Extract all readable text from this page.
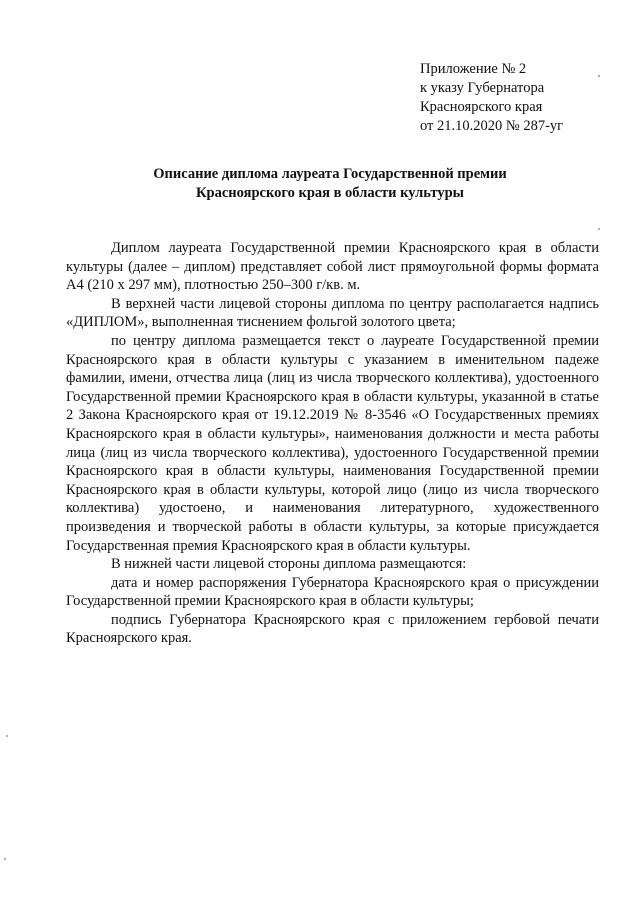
Приложение № 2
к указу Губернатора
Красноярского края
от 21.10.2020 № 287-уг
Описание диплома лауреата Государственной премии
Красноярского края в области культуры

Диплом лауреата Государственной премии Красноярского края в области культуры (далее – диплом) представляет собой лист прямоугольной формы формата А4 (210 х 297 мм), плотностью 250–300 г/кв. м.

В верхней части лицевой стороны диплома по центру располагается надпись «ДИПЛОМ», выполненная тиснением фольгой золотого цвета;

по центру диплома размещается текст о лауреате Государственной премии Красноярского края в области культуры с указанием в именительном падеже фамилии, имени, отчества лица (лиц из числа творческого коллектива), удостоенного Государственной премии Красноярского края в области культуры, указанной в статье 2 Закона Красноярского края от 19.12.2019 № 8-3546 «О Государственных премиях Красноярского края в области культуры», наименования должности и места работы лица (лиц из числа творческого коллектива), удостоенного Государственной премии Красноярского края в области культуры, наименования Государственной премии Красноярского края в области культуры, которой лицо (лицо из числа творческого коллектива) удостоено, и наименования литературного, художественного произведения и творческой работы в области культуры, за которые присуждается Государственная премия Красноярского края в области культуры.

В нижней части лицевой стороны диплома размещаются:

дата и номер распоряжения Губернатора Красноярского края о присуждении Государственной премии Красноярского края в области культуры;

подпись Губернатора Красноярского края с приложением гербовой печати Красноярского края.
